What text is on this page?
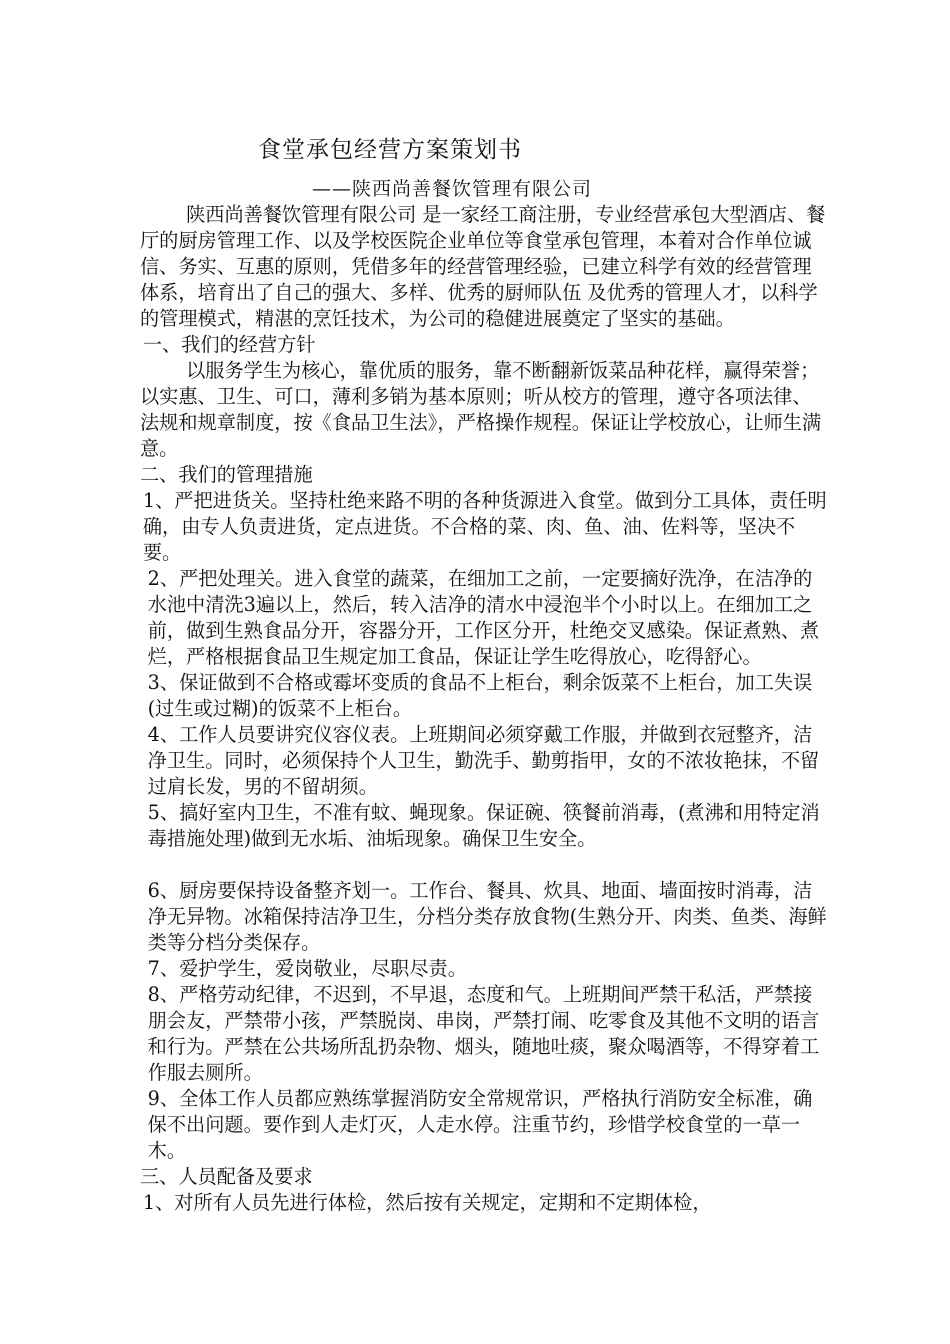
食堂承包经营方案策划书
——陕西尚善餐饮管理有限公司

陕西尚善餐饮管理有限公司 是一家经工商注册，专业经营承包大型酒店、餐厅的厨房管理工作、以及学校医院企业单位等食堂承包管理，本着对合作单位诚信、务实、互惠的原则，凭借多年的经营管理经验，已建立科学有效的经营管理体系，培育出了自己的强大、多样、优秀的厨师队伍 及优秀的管理人才，以科学的管理模式，精湛的烹饪技术，为公司的稳健进展奠定了坚实的基础。

一、我们的经营方针

以服务学生为核心，靠优质的服务，靠不断翻新饭菜品种花样，赢得荣誉；以实惠、卫生、可口，薄利多销为基本原则；听从校方的管理，遵守各项法律、法规和规章制度，按《食品卫生法》，严格操作规程。保证让学校放心，让师生满意。

二、我们的管理措施

1、严把进货关。坚持杜绝来路不明的各种货源进入食堂。做到分工具体，责任明确，由专人负责进货，定点进货。不合格的菜、肉、鱼、油、佐料等，坚决不要。

2、严把处理关。进入食堂的蔬菜，在细加工之前，一定要摘好洗净，在洁净的水池中清洗3遍以上，然后，转入洁净的清水中浸泡半个小时以上。在细加工之前，做到生熟食品分开，容器分开，工作区分开，杜绝交叉感染。保证煮熟、煮烂，严格根据食品卫生规定加工食品，保证让学生吃得放心，吃得舒心。

3、保证做到不合格或霉坏变质的食品不上柜台，剩余饭菜不上柜台，加工失误(过生或过糊)的饭菜不上柜台。

4、工作人员要讲究仪容仪表。上班期间必须穿戴工作服，并做到衣冠整齐，洁净卫生。同时，必须保持个人卫生，勤洗手、勤剪指甲，女的不浓妆艳抹，不留过肩长发，男的不留胡须。

5、搞好室内卫生，不准有蚊、蝇现象。保证碗、筷餐前消毒，(煮沸和用特定消毒措施处理)做到无水垢、油垢现象。确保卫生安全。

6、厨房要保持设备整齐划一。工作台、餐具、炊具、地面、墙面按时消毒，洁净无异物。冰箱保持洁净卫生，分档分类存放食物(生熟分开、肉类、鱼类、海鲜类等分档分类保存。

7、爱护学生，爱岗敬业，尽职尽责。

8、严格劳动纪律，不迟到，不早退，态度和气。上班期间严禁干私活，严禁接朋会友，严禁带小孩，严禁脱岗、串岗，严禁打闹、吃零食及其他不文明的语言和行为。严禁在公共场所乱扔杂物、烟头，随地吐痰，聚众喝酒等，不得穿着工作服去厕所。

9、全体工作人员都应熟练掌握消防安全常规常识，严格执行消防安全标准，确保不出问题。要作到人走灯灭，人走水停。注重节约，珍惜学校食堂的一草一木。

三、人员配备及要求

1、对所有人员先进行体检，然后按有关规定，定期和不定期体检，
